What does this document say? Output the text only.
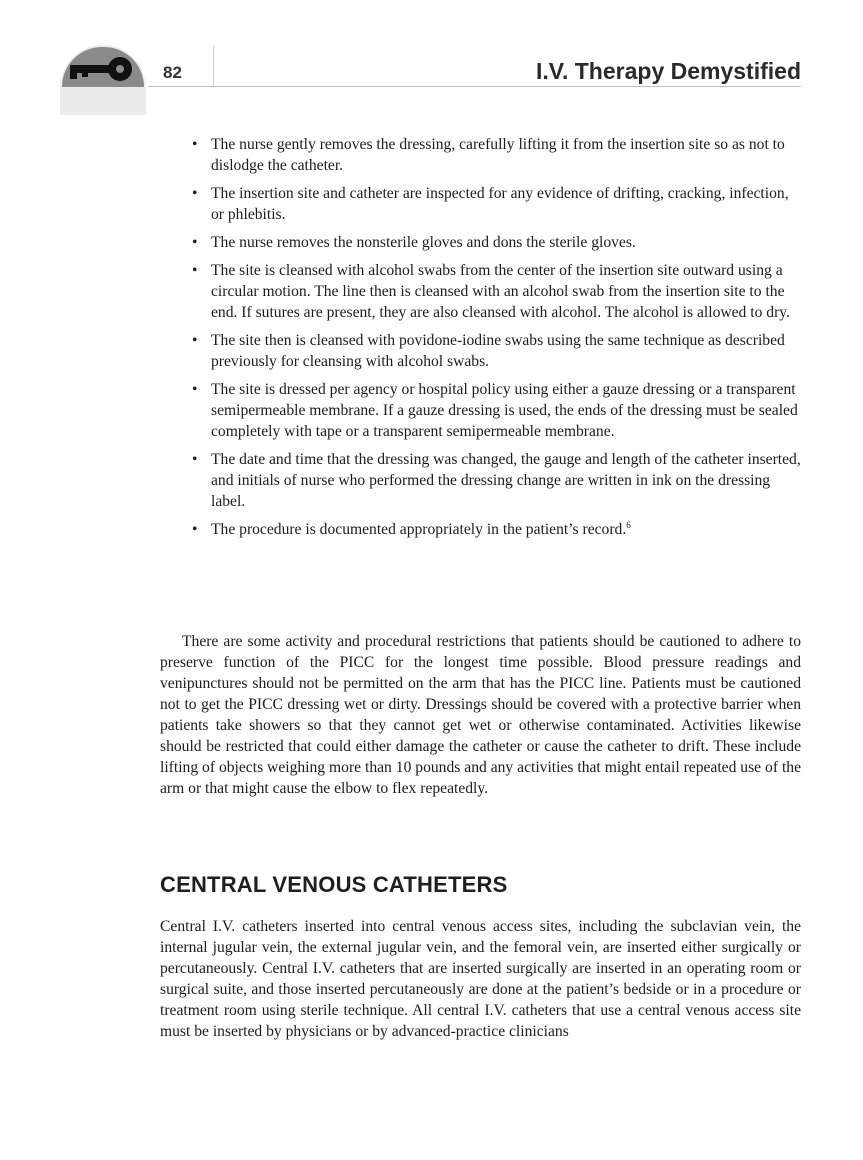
82	I.V. Therapy Demystified
• The nurse gently removes the dressing, carefully lifting it from the insertion site so as not to dislodge the catheter.
• The insertion site and catheter are inspected for any evidence of drifting, cracking, infection, or phlebitis.
• The nurse removes the nonsterile gloves and dons the sterile gloves.
• The site is cleansed with alcohol swabs from the center of the insertion site outward using a circular motion. The line then is cleansed with an alcohol swab from the insertion site to the end. If sutures are present, they are also cleansed with alcohol. The alcohol is allowed to dry.
• The site then is cleansed with povidone-iodine swabs using the same technique as described previously for cleansing with alcohol swabs.
• The site is dressed per agency or hospital policy using either a gauze dressing or a transparent semipermeable membrane. If a gauze dressing is used, the ends of the dressing must be sealed completely with tape or a transparent semipermeable membrane.
• The date and time that the dressing was changed, the gauge and length of the catheter inserted, and initials of nurse who performed the dressing change are written in ink on the dressing label.
• The procedure is documented appropriately in the patient’s record.$^6$

There are some activity and procedural restrictions that patients should be cautioned to adhere to preserve function of the PICC for the longest time possible. Blood pressure readings and venipunctures should not be permitted on the arm that has the PICC line. Patients must be cautioned not to get the PICC dressing wet or dirty. Dressings should be covered with a protective barrier when patients take showers so that they cannot get wet or otherwise contaminated. Activities likewise should be restricted that could either damage the catheter or cause the catheter to drift. These include lifting of objects weighing more than 10 pounds and any activities that might entail repeated use of the arm or that might cause the elbow to flex repeatedly.

CENTRAL VENOUS CATHETERS

Central I.V. catheters inserted into central venous access sites, including the subclavian vein, the internal jugular vein, the external jugular vein, and the femoral vein, are inserted either surgically or percutaneously. Central I.V. catheters that are inserted surgically are inserted in an operating room or surgical suite, and those inserted percutaneously are done at the patient’s bedside or in a procedure or treatment room using sterile technique. All central I.V. catheters that use a central venous access site must be inserted by physicians or by advanced-practice clinicians
